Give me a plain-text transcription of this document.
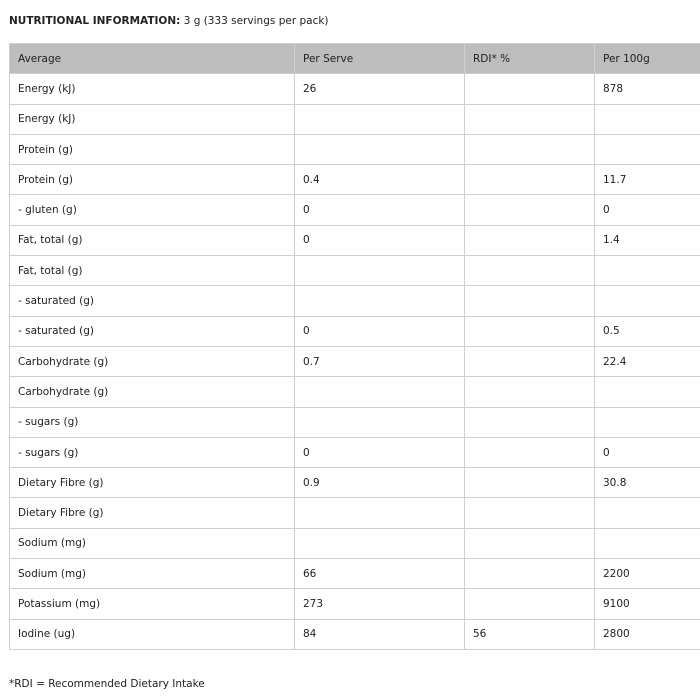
NUTRITIONAL INFORMATION: 3 g (333 servings per pack)
Average	Per Serve	RDI* %	Per 100g
Energy (kJ)	26		878
Energy (kJ)			
Protein (g)			
Protein (g)	0.4		11.7
- gluten (g)	0		0
Fat, total (g)	0		1.4
Fat, total (g)			
- saturated (g)			
- saturated (g)	0		0.5
Carbohydrate (g)	0.7		22.4
Carbohydrate (g)			
- sugars (g)			
- sugars (g)	0		0
Dietary Fibre (g)	0.9		30.8
Dietary Fibre (g)			
Sodium (mg)			
Sodium (mg)	66		2200
Potassium (mg)	273		9100
Iodine (ug)	84	56	2800
*RDI = Recommended Dietary Intake
